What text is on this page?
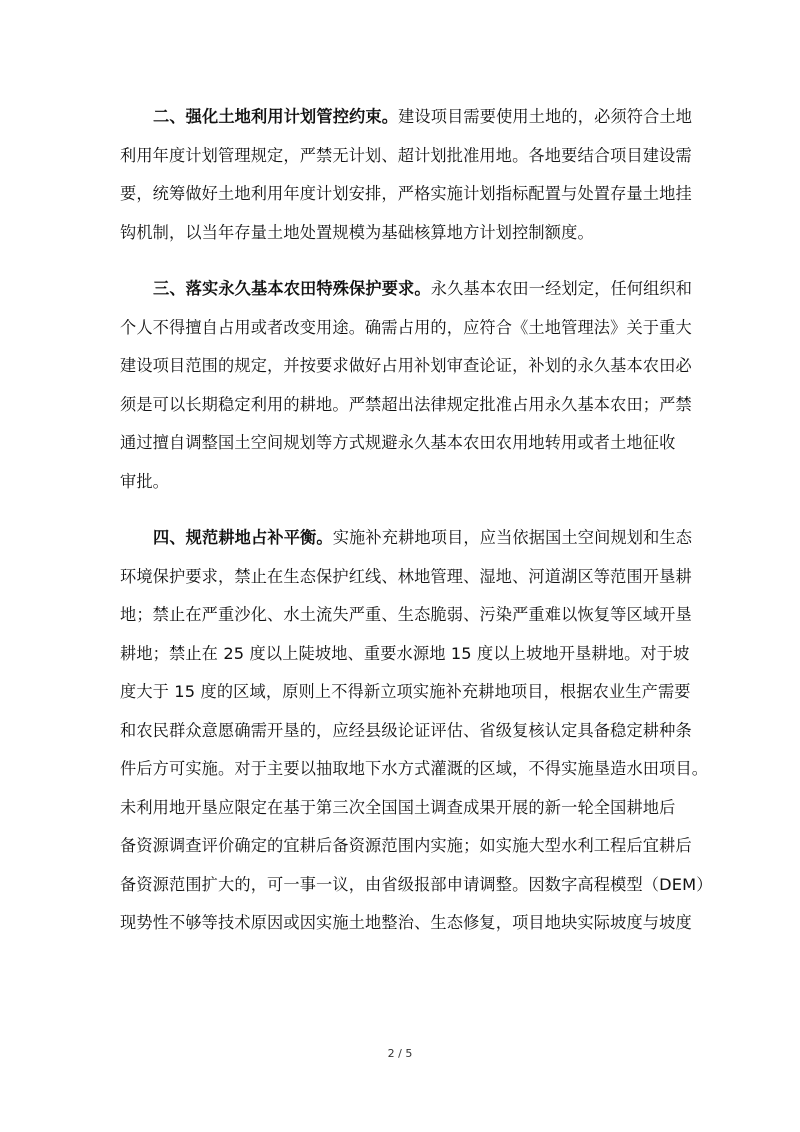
二、强化土地利用计划管控约束。建设项目需要使用土地的，必须符合土地
利用年度计划管理规定，严禁无计划、超计划批准用地。各地要结合项目建设需
要，统筹做好土地利用年度计划安排，严格实施计划指标配置与处置存量土地挂
钩机制，以当年存量土地处置规模为基础核算地方计划控制额度。

三、落实永久基本农田特殊保护要求。永久基本农田一经划定，任何组织和
个人不得擅自占用或者改变用途。确需占用的，应符合《土地管理法》关于重大
建设项目范围的规定，并按要求做好占用补划审查论证，补划的永久基本农田必
须是可以长期稳定利用的耕地。严禁超出法律规定批准占用永久基本农田；严禁
通过擅自调整国土空间规划等方式规避永久基本农田农用地转用或者土地征收
审批。

四、规范耕地占补平衡。实施补充耕地项目，应当依据国土空间规划和生态
环境保护要求，禁止在生态保护红线、林地管理、湿地、河道湖区等范围开垦耕
地；禁止在严重沙化、水土流失严重、生态脆弱、污染严重难以恢复等区域开垦
耕地；禁止在 25 度以上陡坡地、重要水源地 15 度以上坡地开垦耕地。对于坡
度大于 15 度的区域，原则上不得新立项实施补充耕地项目，根据农业生产需要
和农民群众意愿确需开垦的，应经县级论证评估、省级复核认定具备稳定耕种条
件后方可实施。对于主要以抽取地下水方式灌溉的区域，不得实施垦造水田项目。
未利用地开垦应限定在基于第三次全国国土调查成果开展的新一轮全国耕地后
备资源调查评价确定的宜耕后备资源范围内实施；如实施大型水利工程后宜耕后
备资源范围扩大的，可一事一议，由省级报部申请调整。因数字高程模型（DEM）
现势性不够等技术原因或因实施土地整治、生态修复，项目地块实际坡度与坡度

2 / 5
